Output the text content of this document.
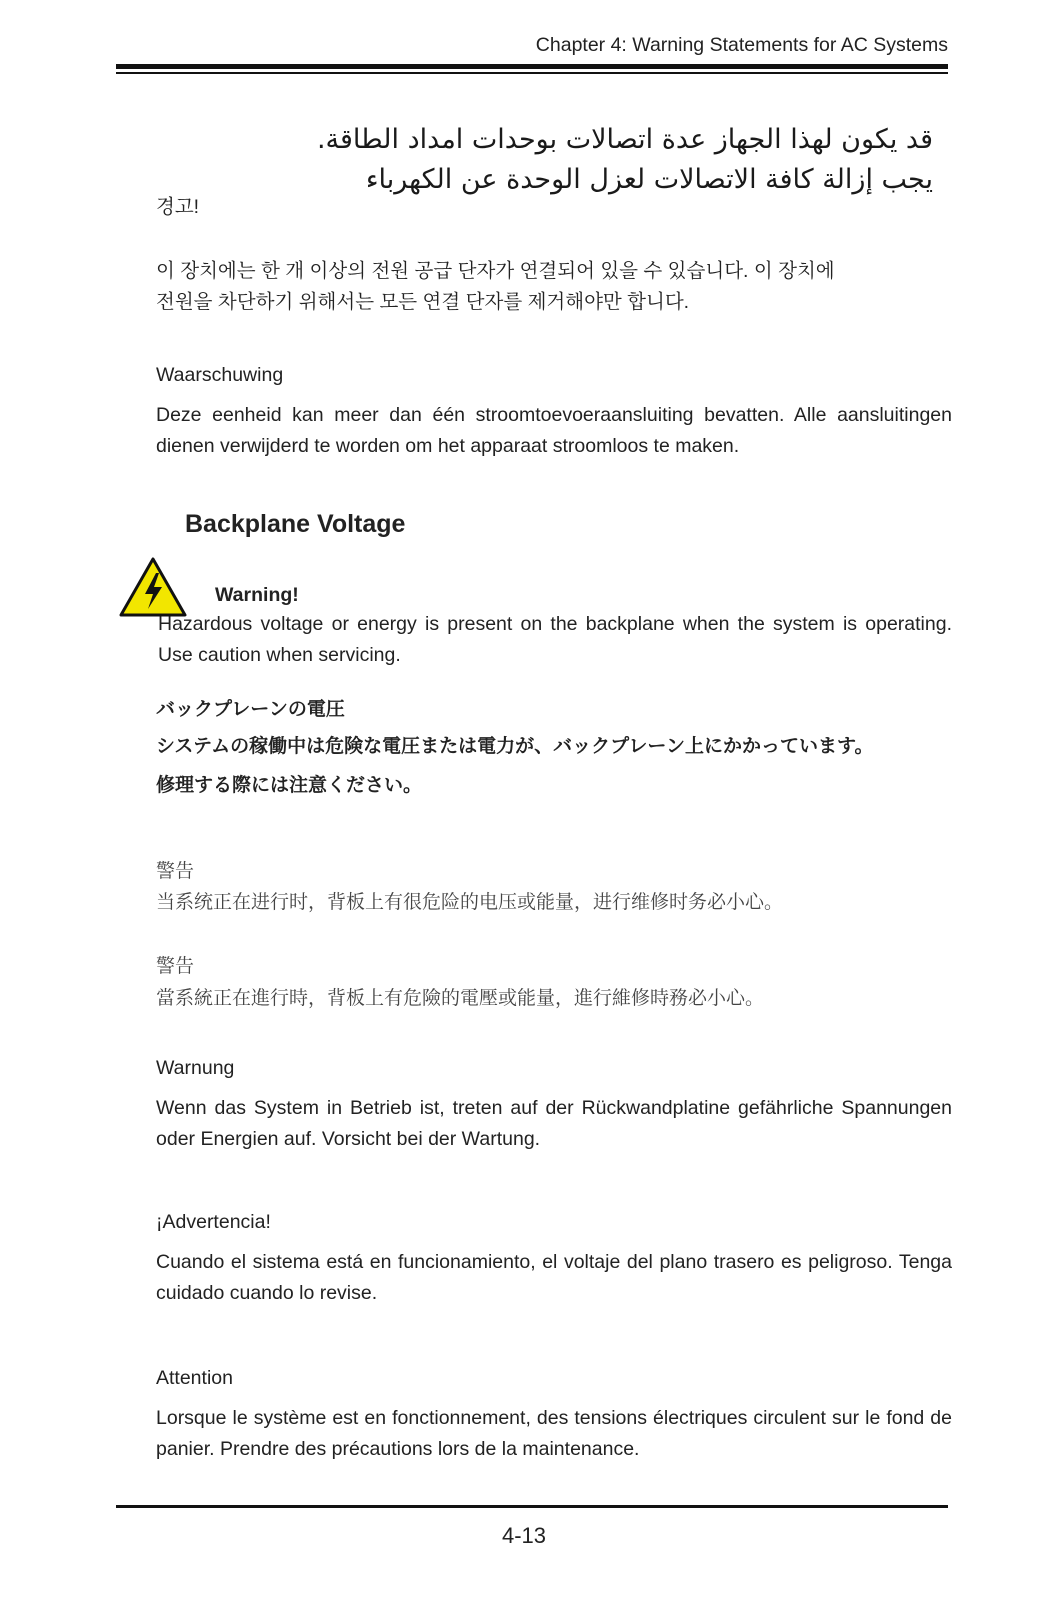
Chapter 4: Warning Statements for AC Systems
قد يكون لهذا الجهاز عدة اتصالات بوحدات امداد الطاقة.
يجب إزالة كافة الاتصالات لعزل الوحدة عن الكهرباء
경고!
이 장치에는 한 개 이상의 전원 공급 단자가 연결되어 있을 수 있습니다. 이 장치에
전원을 차단하기 위해서는 모든 연결 단자를 제거해야만 합니다.
Waarschuwing
Deze eenheid kan meer dan één stroomtoevoeraansluiting bevatten. Alle aansluitingen dienen verwijderd te worden om het apparaat stroomloos te maken.
Backplane Voltage
Warning!
Hazardous voltage or energy is present on the backplane when the system is operating. Use caution when servicing.
バックプレーンの電圧
システムの稼働中は危険な電圧または電力が、バックプレーン上にかかっています。
修理する際には注意ください。
警告
当系统正在进行时，背板上有很危险的电压或能量，进行维修时务必小心。
警告
當系統正在進行時，背板上有危險的電壓或能量，進行維修時務必小心。
Warnung
Wenn das System in Betrieb ist, treten auf der Rückwandplatine gefährliche Spannungen oder Energien auf. Vorsicht bei der Wartung.
¡Advertencia!
Cuando el sistema está en funcionamiento, el voltaje del plano trasero es peligroso. Tenga cuidado cuando lo revise.
Attention
Lorsque le système est en fonctionnement, des tensions électriques circulent sur le fond de panier. Prendre des précautions lors de la maintenance.
4-13
